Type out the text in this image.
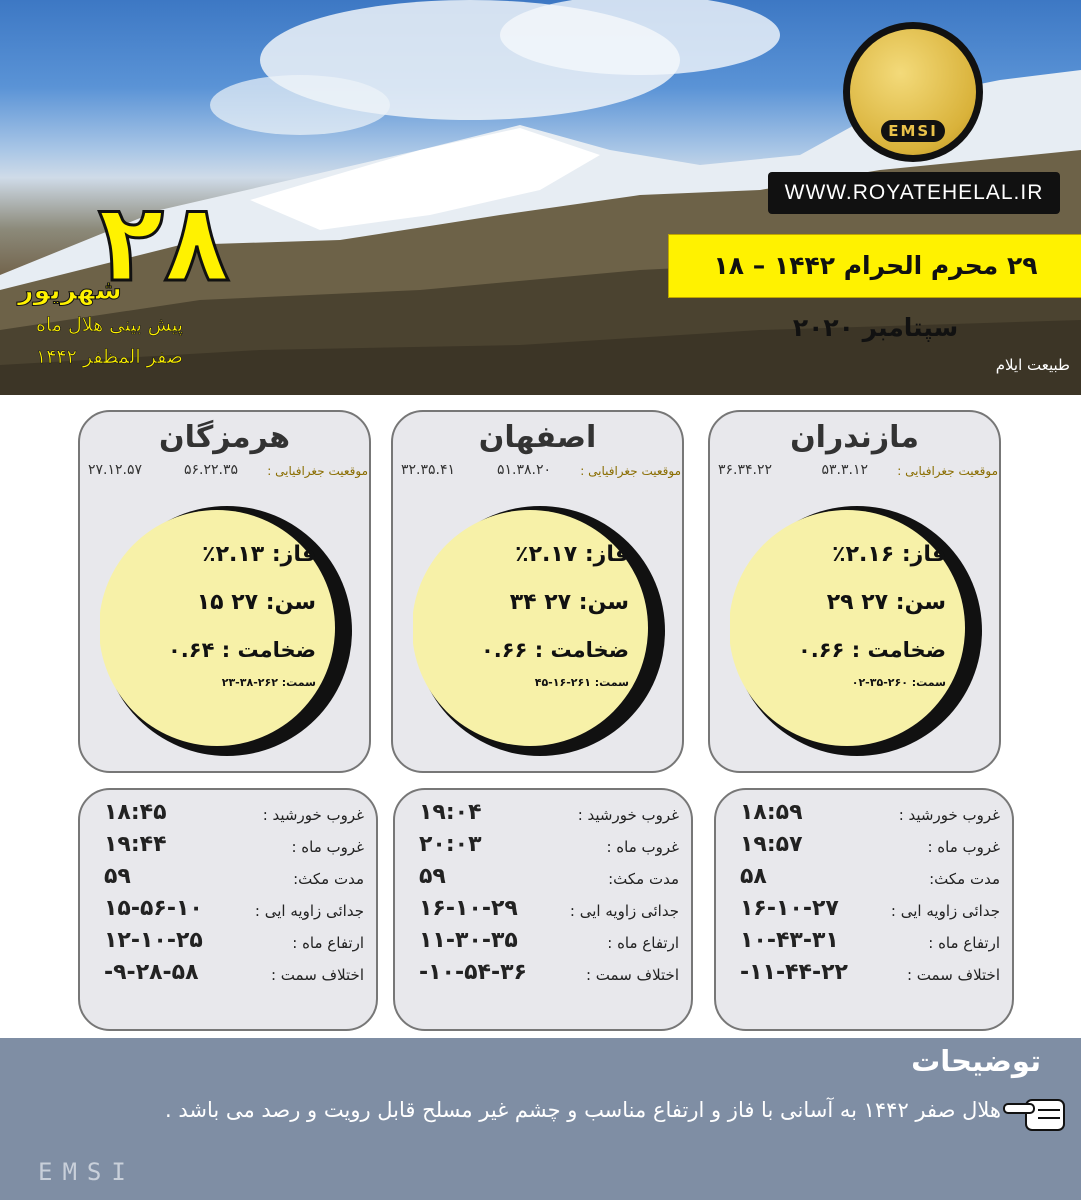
EMSI
WWW.ROYATEHELAL.IR
۲۹ محرم الحرام ۱۴۴۲ – ۱۸ سپتامبر ۲۰۲۰
۲۸
شهریور
پیش بینی هلال ماه
صفر المظفر ۱۴۴۲	طبیعت ایلام
هرمزگان
موقعیت جغرافیایی :
۵۶.۲۲.۳۵
۲۷.۱۲.۵۷
فاز: ۲.۱۳٪
سن: ۲۷ ۱۵
ضخامت : ۰.۶۴
سمت: ۲۶۲-۳۸-۲۳
اصفهان
موقعیت جغرافیایی :
۵۱.۳۸.۲۰
۳۲.۳۵.۴۱
فاز: ۲.۱۷٪
سن: ۲۷ ۳۴
ضخامت : ۰.۶۶
سمت: ۲۶۱-۱۶-۴۵
مازندران
موقعیت جغرافیایی :
۵۳.۳.۱۲
۳۶.۳۴.۲۲
فاز: ۲.۱۶٪
سن: ۲۷ ۲۹
ضخامت : ۰.۶۶
سمت: ۲۶۰-۳۵-۰۲
غروب خورشید :
۱۸:۴۵
غروب ماه :
۱۹:۴۴
مدت مکث:
۵۹
جدائی زاویه ایی :
۱۵-۵۶-۱۰
ارتفاع ماه :
۱۲-۱۰-۲۵
اختلاف سمت :
-۹-۲۸-۵۸
غروب خورشید :
۱۹:۰۴
غروب ماه :
۲۰:۰۳
مدت مکث:
۵۹
جدائی زاویه ایی :
۱۶-۱۰-۲۹
ارتفاع ماه :
۱۱-۳۰-۳۵
اختلاف سمت :
-۱۰-۵۴-۳۶
غروب خورشید :
۱۸:۵۹
غروب ماه :
۱۹:۵۷
مدت مکث:
۵۸
جدائی زاویه ایی :
۱۶-۱۰-۲۷
ارتفاع ماه :
۱۰-۴۳-۳۱
اختلاف سمت :
-۱۱-۴۴-۲۲
توضیحات
هلال صفر ۱۴۴۲ به آسانی با فاز و ارتفاع مناسب و چشم غیر مسلح قابل رویت و رصد می باشد .
EMSI
